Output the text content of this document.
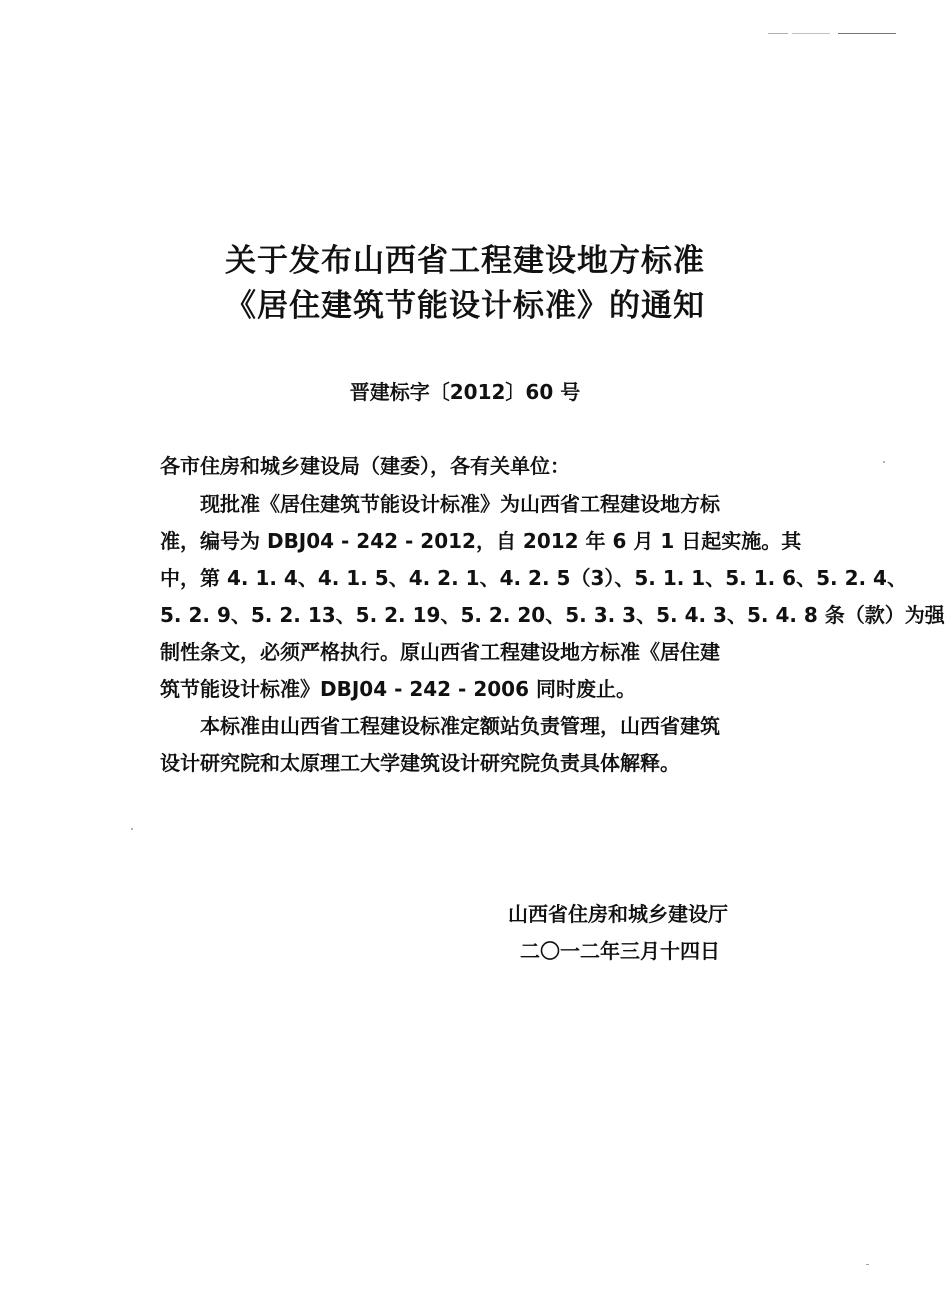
关于发布山西省工程建设地方标准
《居住建筑节能设计标准》的通知
晋建标字〔2012〕60 号
各市住房和城乡建设局（建委），各有关单位：
现批准《居住建筑节能设计标准》为山西省工程建设地方标
准，编号为 DBJ04 - 242 - 2012，自 2012 年 6 月 1 日起实施。其
中，第 4. 1. 4、4. 1. 5、4. 2. 1、4. 2. 5（3）、5. 1. 1、5. 1. 6、5. 2. 4、
5. 2. 9、5. 2. 13、5. 2. 19、5. 2. 20、5. 3. 3、5. 4. 3、5. 4. 8 条（款）为强
制性条文，必须严格执行。原山西省工程建设地方标准《居住建
筑节能设计标准》DBJ04 - 242 - 2006 同时废止。
本标准由山西省工程建设标准定额站负责管理，山西省建筑
设计研究院和太原理工大学建筑设计研究院负责具体解释。
山西省住房和城乡建设厅
二〇一二年三月十四日
